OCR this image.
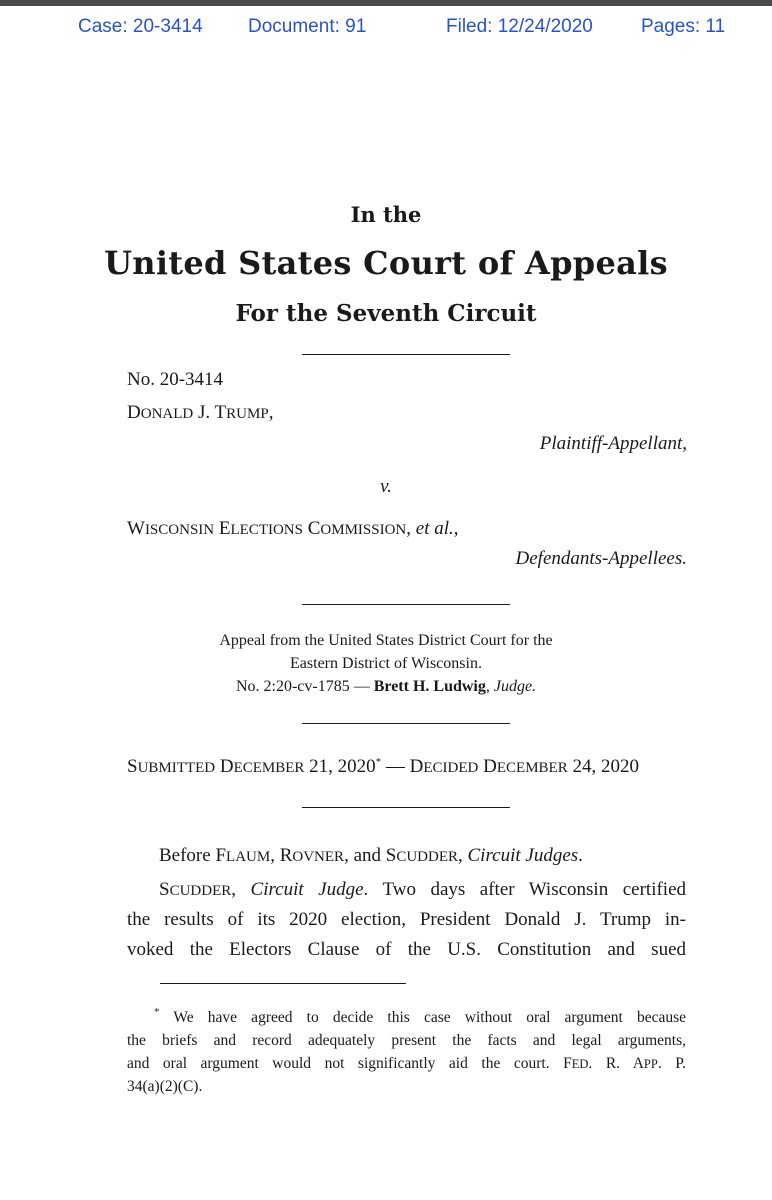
Case: 20-3414 Document: 91	Filed: 12/24/2020	Pages: 11
In the
United States Court of Appeals
For the Seventh Circuit
No. 20-3414
DONALD J. TRUMP,
Plaintiff-Appellant,
v.
WISCONSIN ELECTIONS COMMISSION, et al.,
Defendants-Appellees.
Appeal from the United States District Court for the
Eastern District of Wisconsin.
No. 2:20-cv-1785 — Brett H. Ludwig, Judge.
SUBMITTED DECEMBER 21, 2020* — DECIDED DECEMBER 24, 2020
Before FLAUM, ROVNER, and SCUDDER, Circuit Judges.
SCUDDER, Circuit Judge. Two days after Wisconsin certified
the results of its 2020 election, President Donald J. Trump in-
voked the Electors Clause of the U.S. Constitution and sued
* We have agreed to decide this case without oral argument because
the briefs and record adequately present the facts and legal arguments,
and oral argument would not significantly aid the court. FED. R. APP. P.
34(a)(2)(C).
